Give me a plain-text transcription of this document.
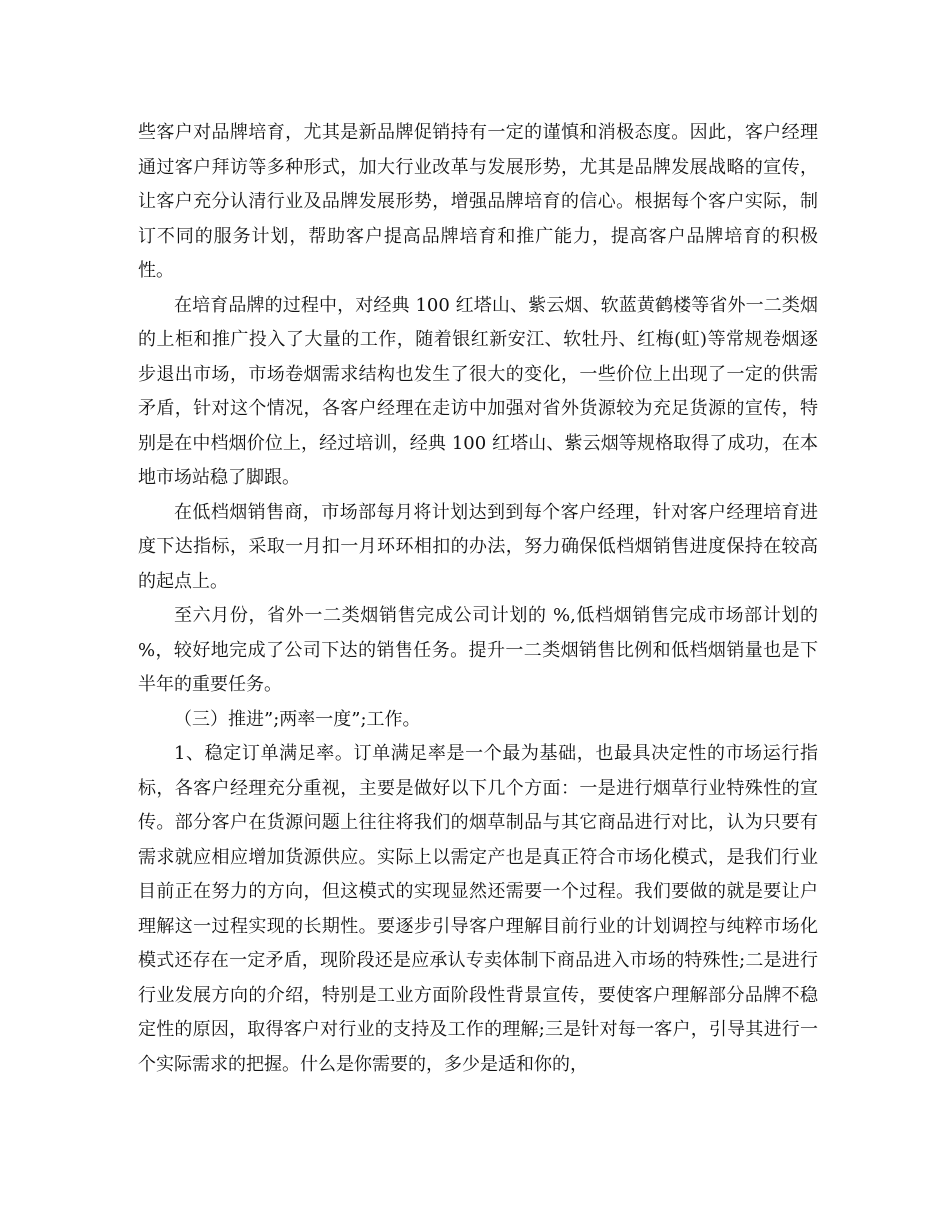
些客户对品牌培育，尤其是新品牌促销持有一定的谨慎和消极态度。因此，客户经理通过客户拜访等多种形式，加大行业改革与发展形势，尤其是品牌发展战略的宣传，让客户充分认清行业及品牌发展形势，增强品牌培育的信心。根据每个客户实际，制订不同的服务计划，帮助客户提高品牌培育和推广能力，提高客户品牌培育的积极性。

在培育品牌的过程中，对经典 100 红塔山、紫云烟、软蓝黄鹤楼等省外一二类烟的上柜和推广投入了大量的工作，随着银红新安江、软牡丹、红梅(虹)等常规卷烟逐步退出市场，市场卷烟需求结构也发生了很大的变化，一些价位上出现了一定的供需矛盾，针对这个情况，各客户经理在走访中加强对省外货源较为充足货源的宣传，特别是在中档烟价位上，经过培训，经典 100 红塔山、紫云烟等规格取得了成功，在本地市场站稳了脚跟。

在低档烟销售商，市场部每月将计划达到到每个客户经理，针对客户经理培育进度下达指标，采取一月扣一月环环相扣的办法，努力确保低档烟销售进度保持在较高的起点上。

至六月份，省外一二类烟销售完成公司计划的 %,低档烟销售完成市场部计划的 %，较好地完成了公司下达的销售任务。提升一二类烟销售比例和低档烟销量也是下半年的重要任务。

（三）推进”;两率一度”;工作。

1、稳定订单满足率。订单满足率是一个最为基础，也最具决定性的市场运行指标，各客户经理充分重视，主要是做好以下几个方面：一是进行烟草行业特殊性的宣传。部分客户在货源问题上往往将我们的烟草制品与其它商品进行对比，认为只要有需求就应相应增加货源供应。实际上以需定产也是真正符合市场化模式，是我们行业目前正在努力的方向，但这模式的实现显然还需要一个过程。我们要做的就是要让户理解这一过程实现的长期性。要逐步引导客户理解目前行业的计划调控与纯粹市场化模式还存在一定矛盾，现阶段还是应承认专卖体制下商品进入市场的特殊性;二是进行行业发展方向的介绍，特别是工业方面阶段性背景宣传，要使客户理解部分品牌不稳定性的原因，取得客户对行业的支持及工作的理解;三是针对每一客户，引导其进行一个实际需求的把握。什么是你需要的，多少是适和你的，
